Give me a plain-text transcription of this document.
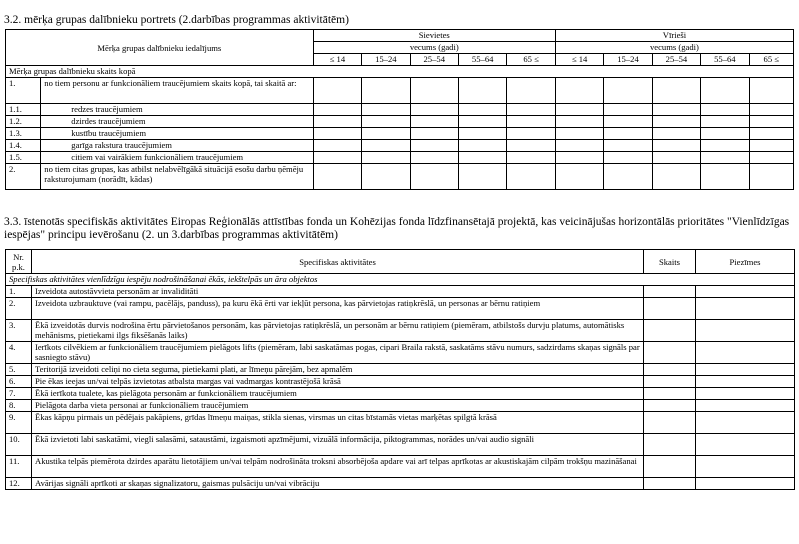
3.2. mērķa grupas dalībnieku portrets (2.darbības programmas aktivitātēm)
Mērķa grupas dalībnieku iedalījums		Sievietes					Vīrieši				
		vecums (gadi)					vecums (gadi)				
		≤ 14	15–24	25–54	55–64	65 ≤	≤ 14	15–24	25–54	55–64	65 ≤
Mērķa grupas dalībnieku skaits kopā											
1.	no tiem personu ar funkcionāliem traucējumiem skaits kopā, tai skaitā ar:										
1.1.	redzes traucējumiem										
1.2.	dzirdes traucējumiem										
1.3.	kustību traucējumiem										
1.4.	garīga rakstura traucējumiem										
1.5.	citiem vai vairākiem funkcionāliem traucējumiem										
2.	no tiem citas grupas, kas atbilst nelabvēlīgākā situācijā esošu darbu ņēmēju raksturojumam (norādīt, kādas)										
3.3. īstenotās specifiskās aktivitātes Eiropas Reģionālās attīstības fonda un Kohēzijas fonda līdzfinansētajā projektā, kas veicinājušas horizontālās prioritātes "Vienlīdzīgas iespējas" principu ievērošanu (2. un 3.darbības programmas aktivitātēm)
Nr. p.k.	Specifiskas aktivitātes	Skaits	Piezīmes
Specifiskas aktivitātes vienlīdzīgu iespēju nodrošināšanai ēkās, iekštelpās un āra objektos			
1.	Izveidota autostāvvieta personām ar invaliditāti		
2.	Izveidota uzbrauktuve (vai rampu, pacēlājs, panduss), pa kuru ēkā ērti var iekļūt persona, kas pārvietojas ratiņkrēslā, un personas ar bērnu ratiņiem		
3.	Ēkā izveidotās durvis nodrošina ērtu pārvietošanos personām, kas pārvietojas ratiņkrēslā, un personām ar bērnu ratiņiem (piemēram, atbilstošs durvju platums, automātisks mehānisms, pietiekami ilgs fiksēšanās laiks)		
4.	Ierīkots cilvēkiem ar funkcionāliem traucējumiem pielāgots lifts (piemēram, labi saskatāmas pogas, cipari Braila rakstā, saskatāms stāvu numurs, sadzirdams skaņas signāls par sasniegto stāvu)		
5.	Teritorijā izveidoti celiņi no cieta seguma, pietiekami plati, ar līmeņu pārejām, bez apmalēm		
6.	Pie ēkas ieejas un/vai telpās izvietotas atbalsta margas vai vadmargas kontrastējošā krāsā		
7.	Ēkā ierīkota tualete, kas pielāgota personām ar funkcionāliem traucējumiem		
8.	Pielāgota darba vieta personai ar funkcionāliem traucējumiem		
9.	Ēkas kāpņu pirmais un pēdējais pakāpiens, grīdas līmeņu maiņas, stikla sienas, virsmas un citas bīstamās vietas marķētas spilgtā krāsā		
10.	Ēkā izvietoti labi saskatāmi, viegli salasāmi, sataustāmi, izgaismoti apzīmējumi, vizuālā informācija, piktogrammas, norādes un/vai audio signāli		
11.	Akustika telpās piemērota dzirdes aparātu lietotājiem un/vai telpām nodrošināta troksni absorbējoša apdare vai arī telpas aprīkotas ar akustiskajām cilpām trokšņu mazināšanai		
12.	Avārijas signāli aprīkoti ar skaņas signalizatoru, gaismas pulsāciju un/vai vibrāciju		
